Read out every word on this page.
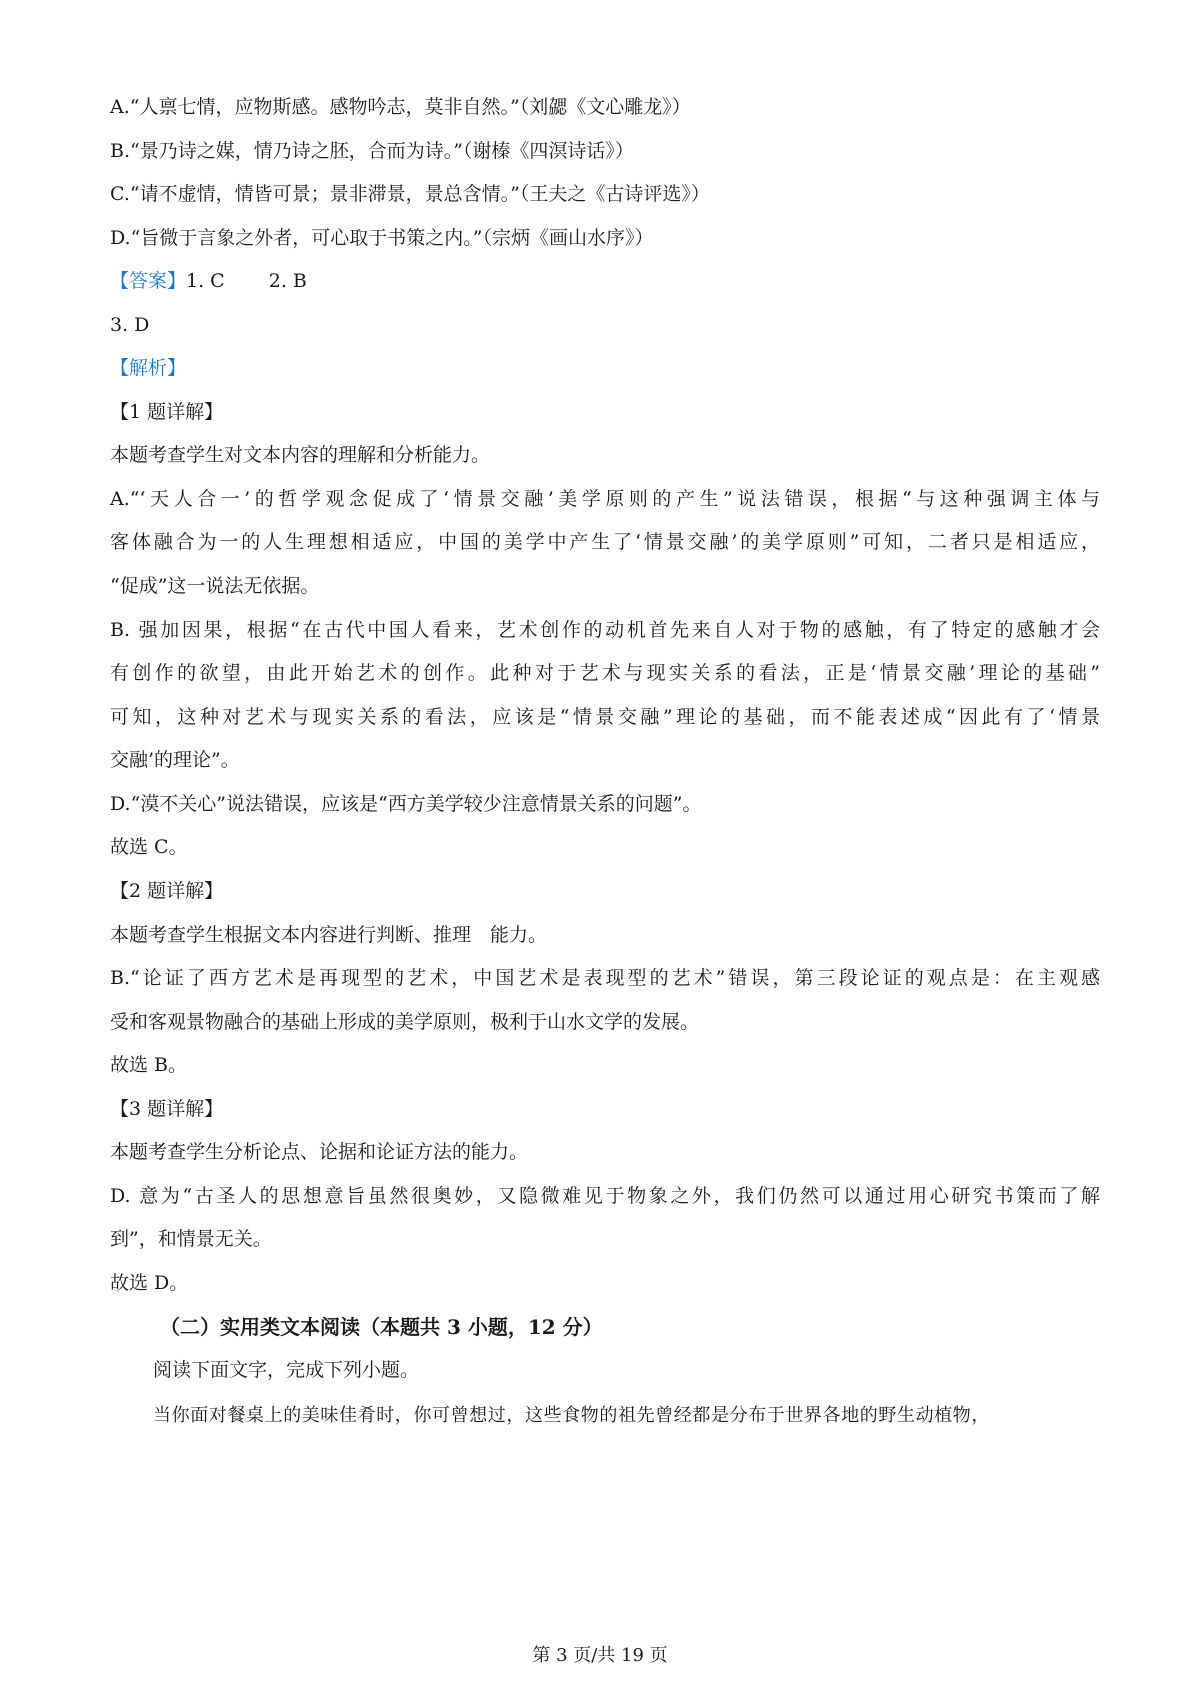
A.“人禀七情，应物斯感。感物吟志，莫非自然。”（刘勰《文心雕龙》）
B.“景乃诗之媒，情乃诗之胚，合而为诗。”（谢榛《四溟诗话》）
C.“请不虚情，情皆可景；景非滞景，景总含情。”（王夫之《古诗评选》）
D.“旨微于言象之外者，可心取于书策之内。”（宗炳《画山水序》）
【答案】1. C 2. B
3. D
【解析】
【1 题详解】
本题考查学生对文本内容的理解和分析能力。
A.“‘天人合一’的哲学观念促成了‘情景交融’美学原则的产生”说法错误，根据“与这种强调主体与
客体融合为一的人生理想相适应，中国的美学中产生了‘情景交融’的美学原则”可知，二者只是相适应，
“促成”这一说法无依据。
B. 强加因果，根据“在古代中国人看来，艺术创作的动机首先来自人对于物的感触，有了特定的感触才会
有创作的欲望，由此开始艺术的创作。此种对于艺术与现实关系的看法，正是‘情景交融’理论的基础”
可知，这种对艺术与现实关系的看法，应该是“情景交融”理论的基础，而不能表述成“因此有了‘情景
交融’的理论”。
D.“漠不关心”说法错误，应该是“西方美学较少注意情景关系的问题”。
故选 C。
【2 题详解】
本题考查学生根据文本内容进行判断、推理　能力。
B.“论证了西方艺术是再现型的艺术，中国艺术是表现型的艺术”错误，第三段论证的观点是：在主观感
受和客观景物融合的基础上形成的美学原则，极利于山水文学的发展。
故选 B。
【3 题详解】
本题考查学生分析论点、论据和论证方法的能力。
D. 意为“古圣人的思想意旨虽然很奥妙，又隐微难见于物象之外，我们仍然可以通过用心研究书策而了解
到”，和情景无关。
故选 D。
（二）实用类文本阅读（本题共 3 小题，12 分）
阅读下面文字，完成下列小题。
当你面对餐桌上的美味佳肴时，你可曾想过，这些食物的祖先曾经都是分布于世界各地的野生动植物，
第 3 页/共 19 页
